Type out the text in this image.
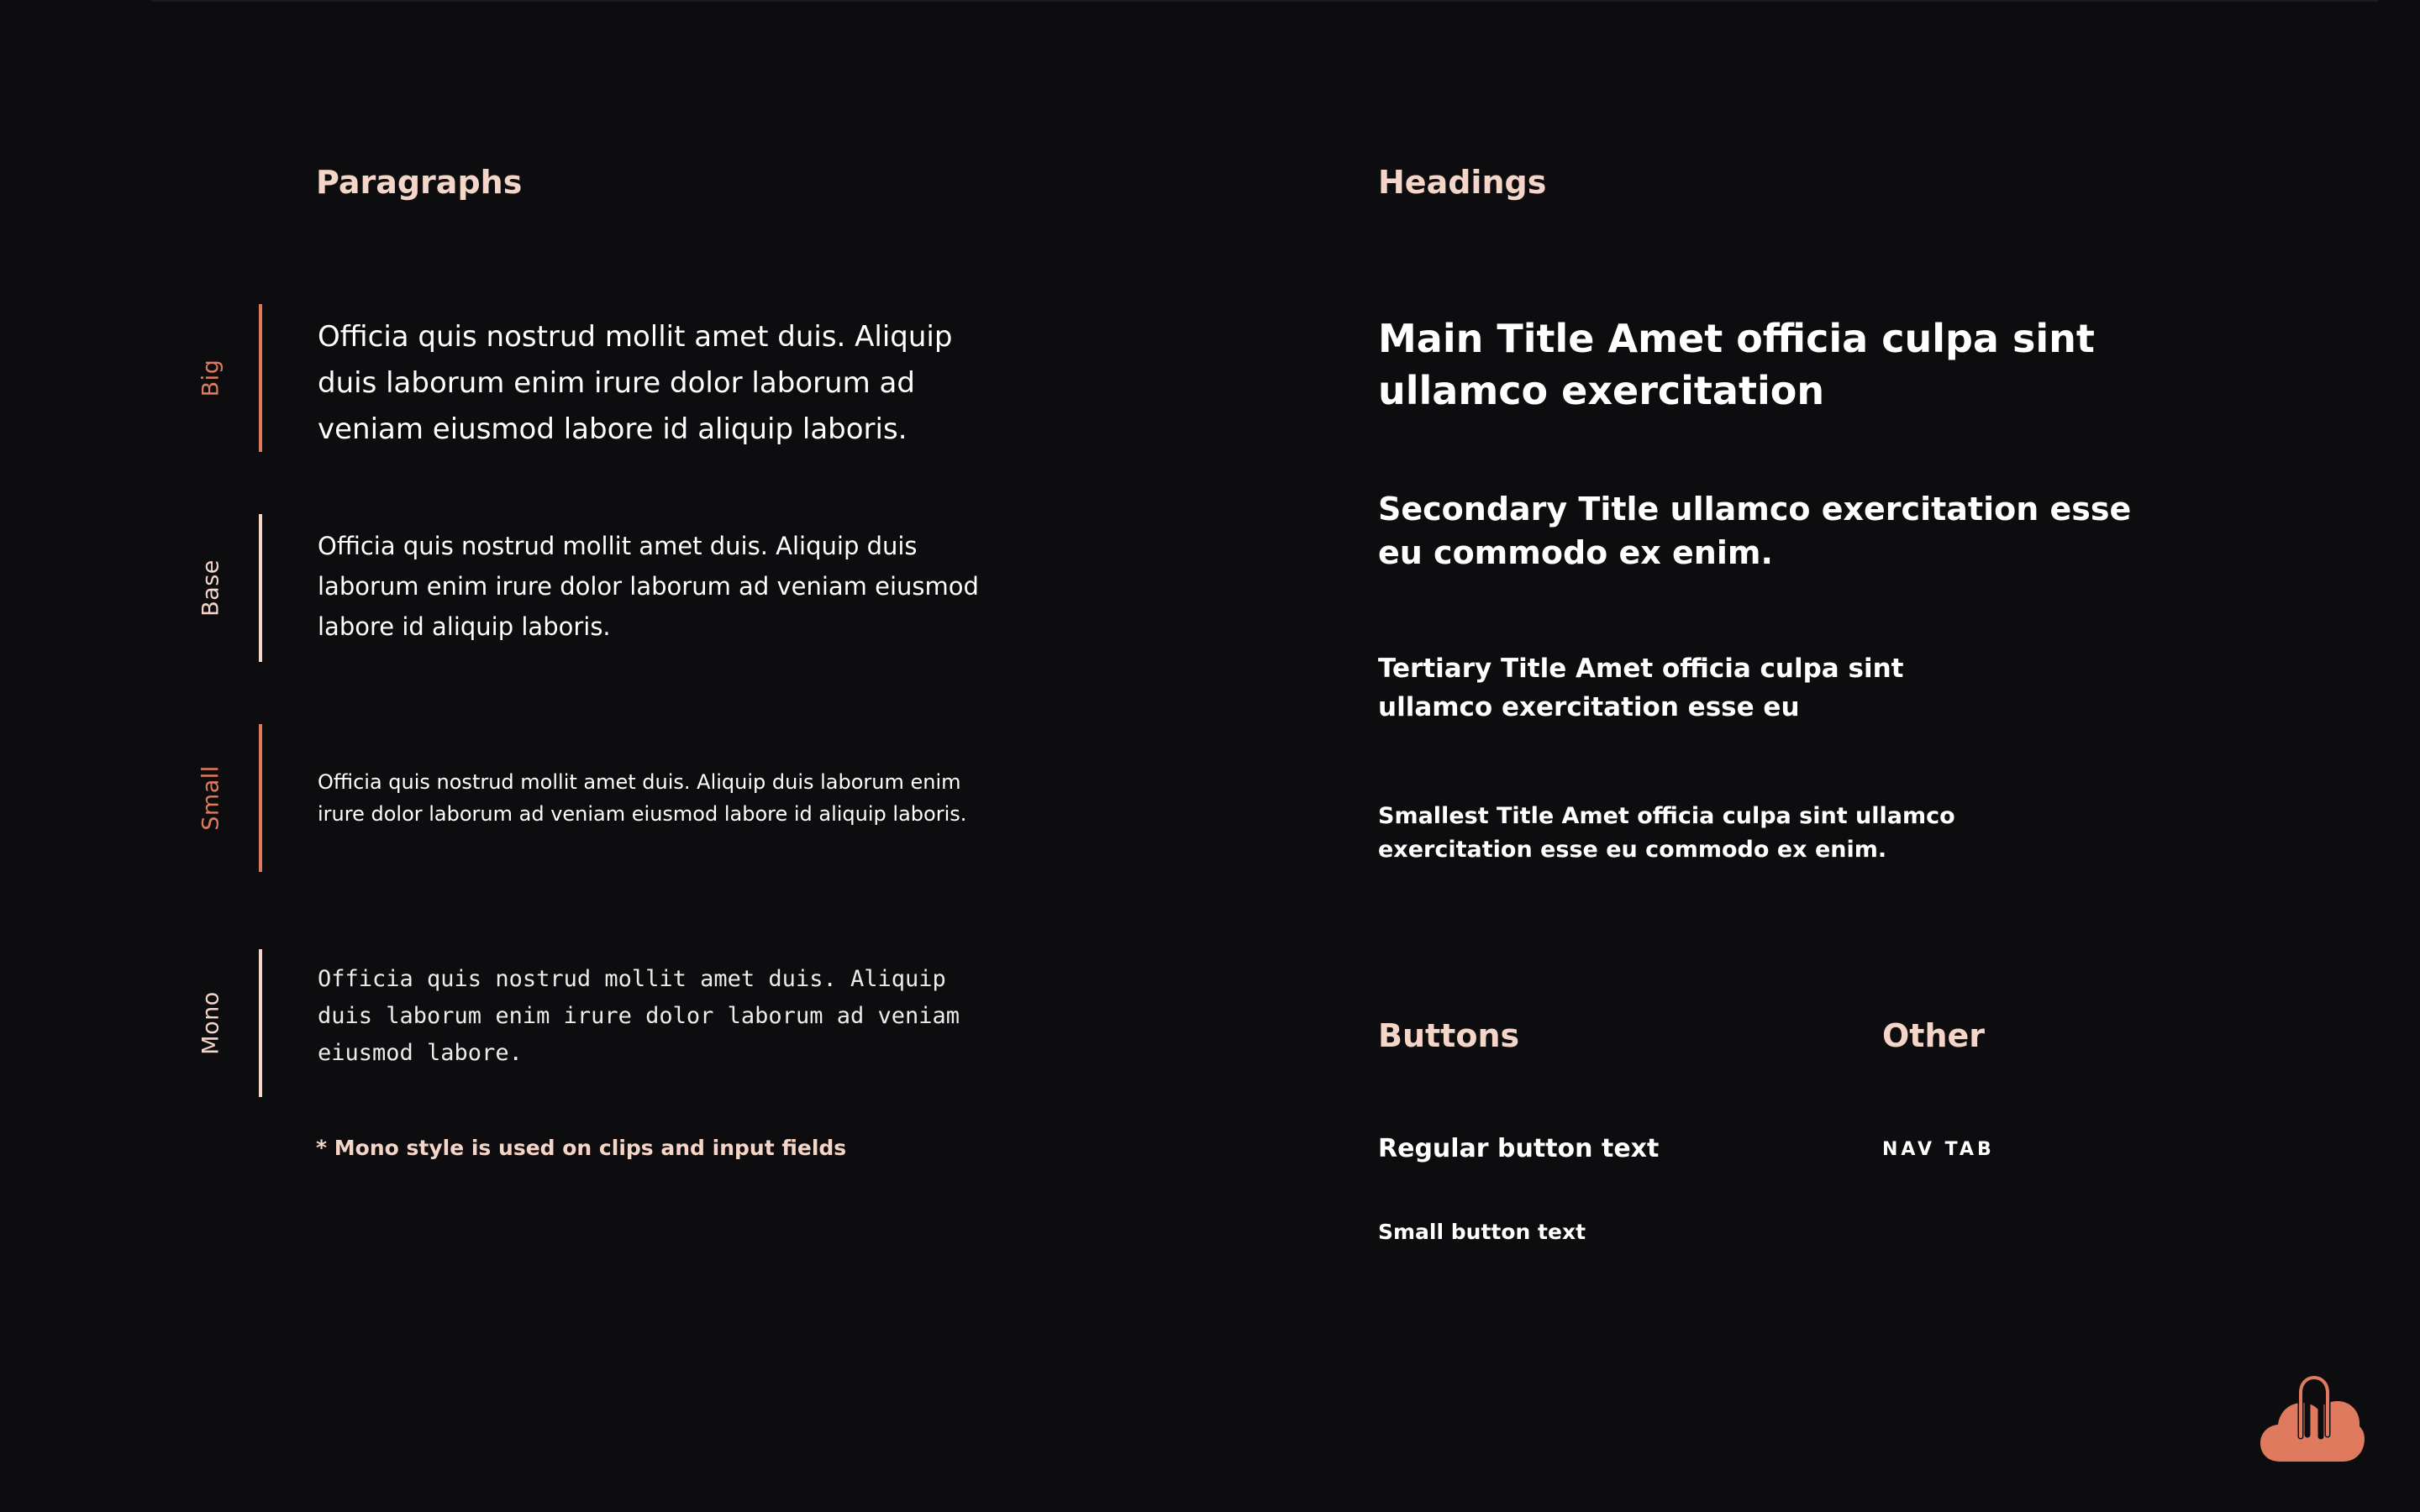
Paragraphs
Big

Officia quis nostrud mollit amet duis. Aliquip duis laborum enim irure dolor laborum ad veniam eiusmod labore id aliquip laboris.

Base

Officia quis nostrud mollit amet duis. Aliquip duis laborum enim irure dolor laborum ad veniam eiusmod labore id aliquip laboris.

Small	Officia quis nostrud mollit amet duis. Aliquip duis laborum enim irure dolor laborum ad veniam eiusmod labore id aliquip laboris.

Mono

Officia quis nostrud mollit amet duis. Aliquip duis laborum enim irure dolor laborum ad veniam eiusmod labore.

* Mono style is used on clips and input fields

Headings
Main Title Amet officia culpa sint ullamco exercitation
Secondary Title ullamco exercitation esse eu commodo ex enim.
Tertiary Title Amet officia culpa sint ullamco exercitation esse eu
Smallest Title Amet officia culpa sint ullamco exercitation esse eu commodo ex enim.
Buttons

Regular button text

Small button text

Other

NAV TAB
